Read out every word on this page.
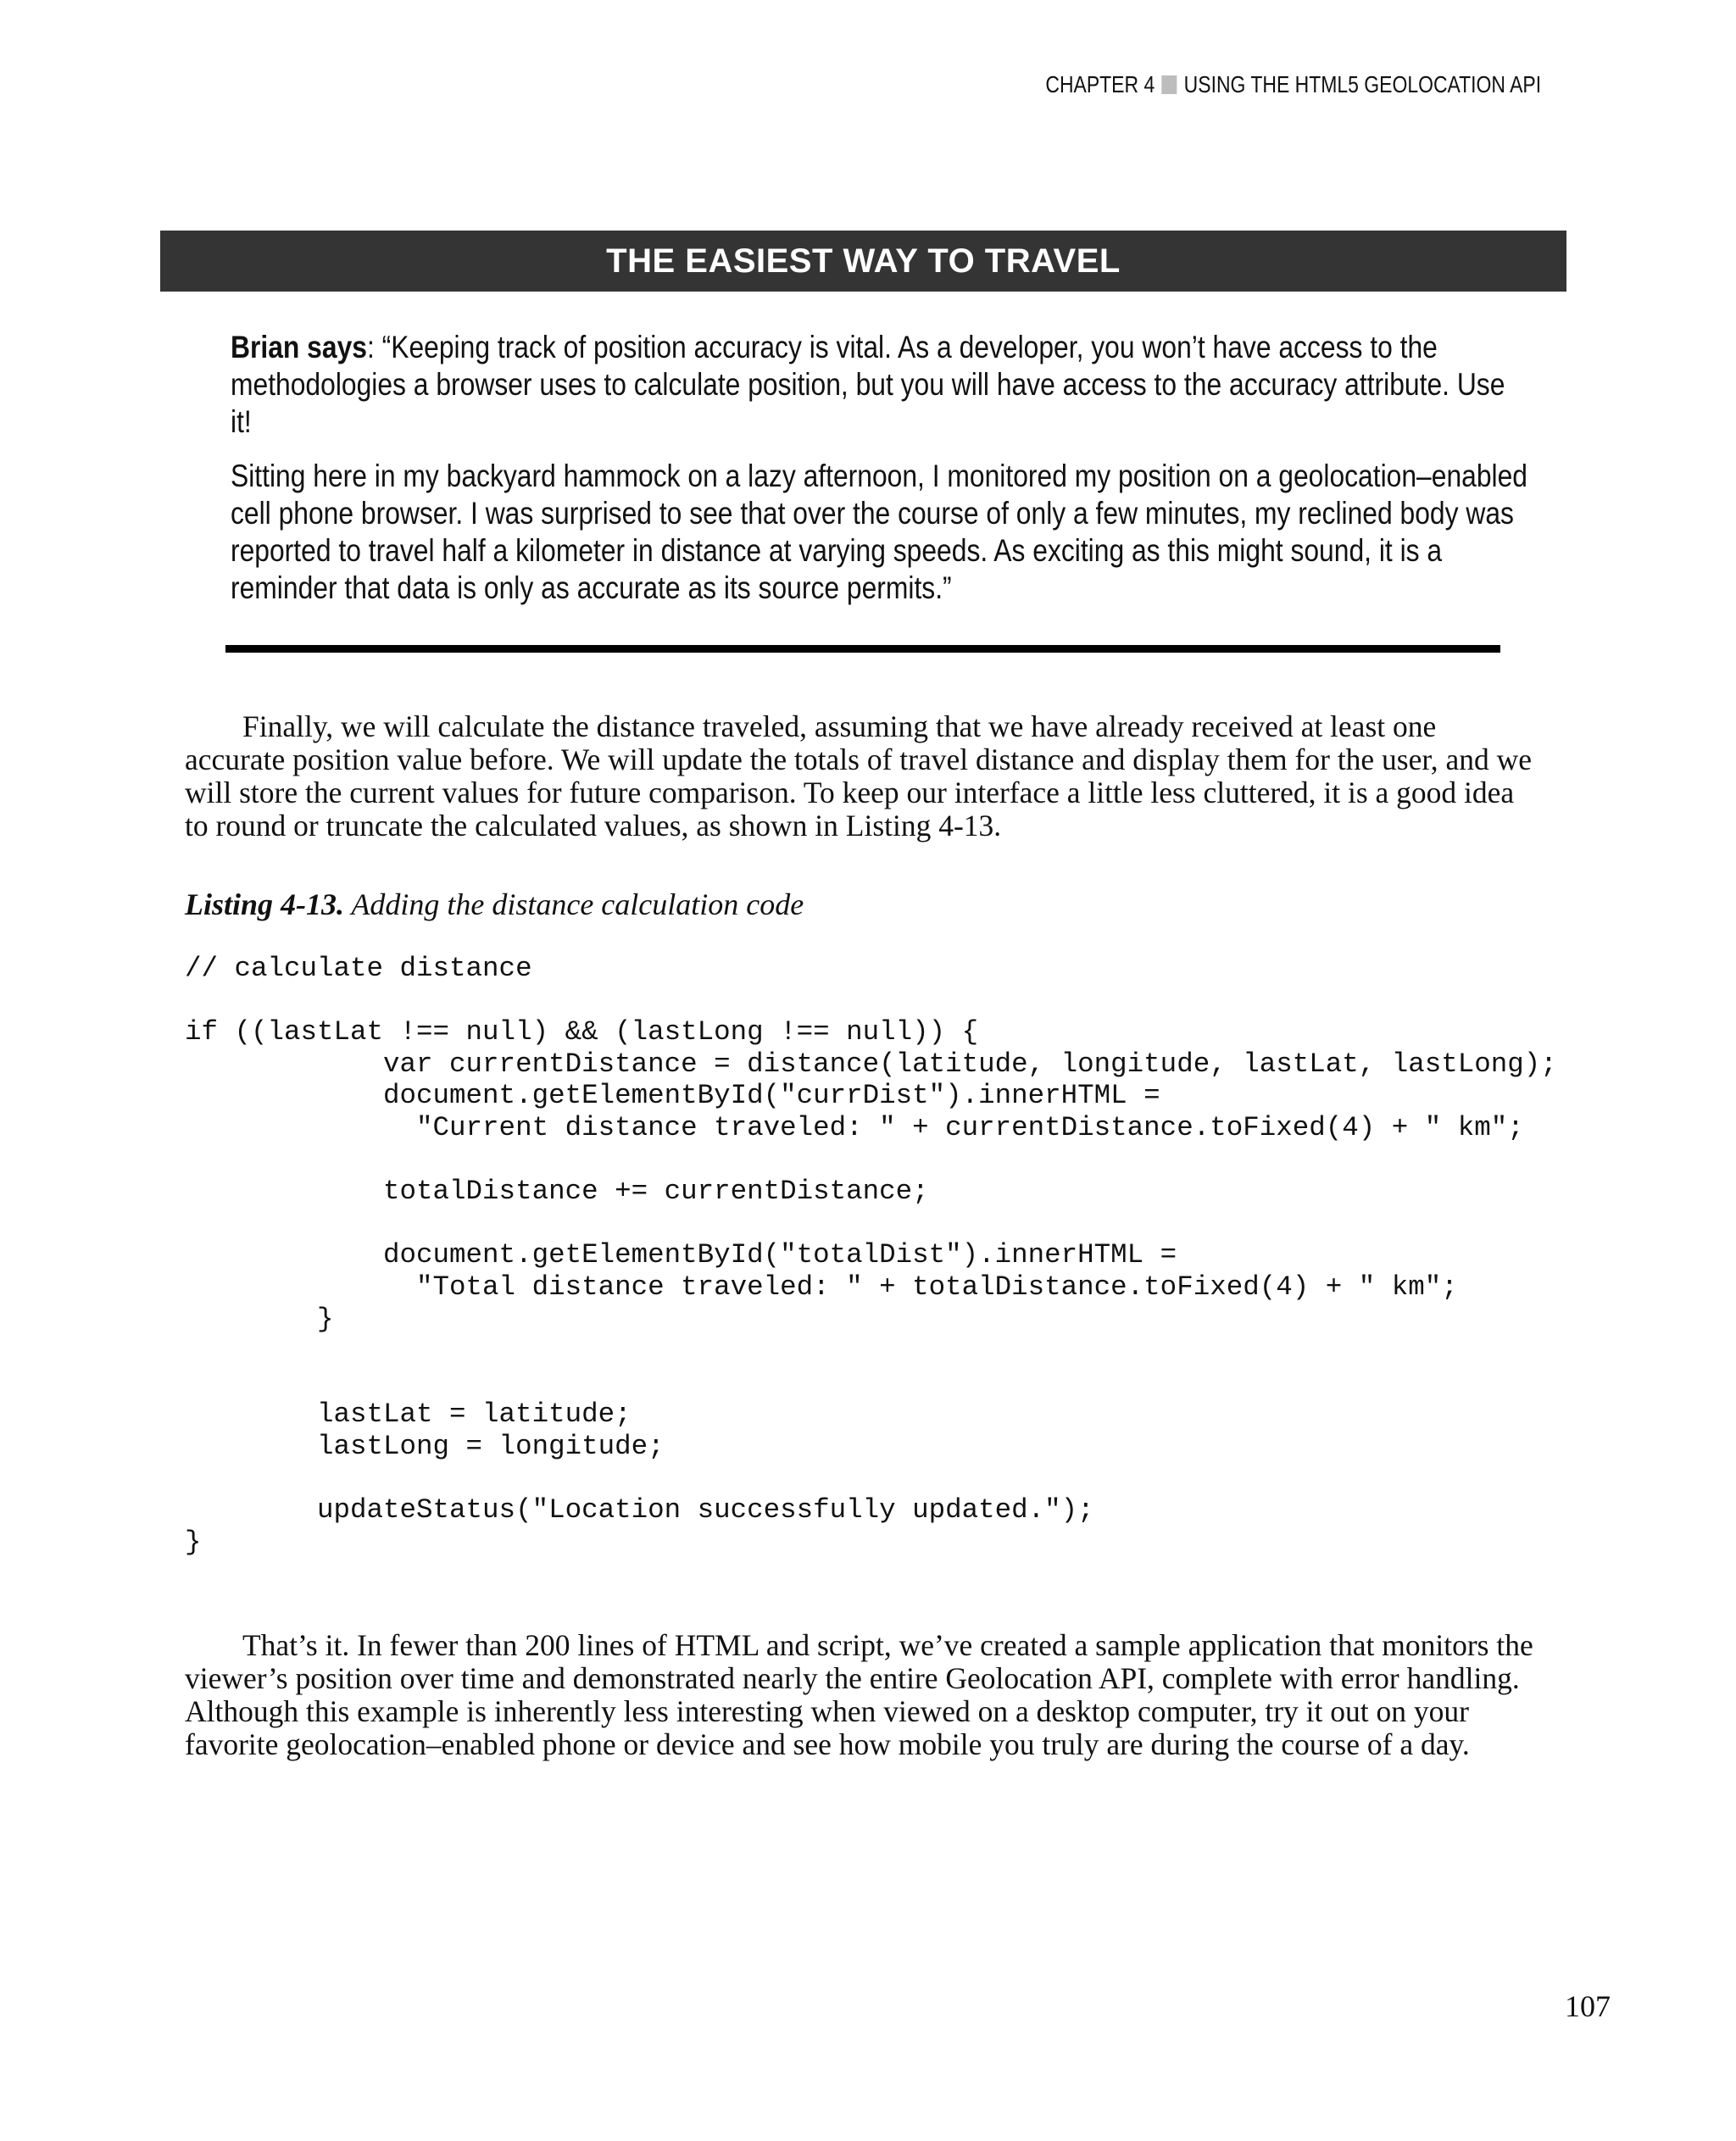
CHAPTER 4 USING THE HTML5 GEOLOCATION API
THE EASIEST WAY TO TRAVEL

Brian says: “Keeping track of position accuracy is vital. As a developer, you won’t have access to the methodologies a browser uses to calculate position, but you will have access to the accuracy attribute. Use it!

Sitting here in my backyard hammock on a lazy afternoon, I monitored my position on a geolocation–enabled cell phone browser. I was surprised to see that over the course of only a few minutes, my reclined body was reported to travel half a kilometer in distance at varying speeds. As exciting as this might sound, it is a reminder that data is only as accurate as its source permits.”

Finally, we will calculate the distance traveled, assuming that we have already received at least one accurate position value before. We will update the totals of travel distance and display them for the user, and we will store the current values for future comparison. To keep our interface a little less cluttered, it is a good idea to round or truncate the calculated values, as shown in Listing 4-13.

Listing 4-13. Adding the distance calculation code
// calculate distance

if ((lastLat !== null) && (lastLong !== null)) {
var currentDistance = distance(latitude, longitude, lastLat, lastLong);
document.getElementById("currDist").innerHTML =
"Current distance traveled: " + currentDistance.toFixed(4) + " km";

totalDistance += currentDistance;

document.getElementById("totalDist").innerHTML =
"Total distance traveled: " + totalDistance.toFixed(4) + " km";
}

lastLat = latitude;
lastLong = longitude;

updateStatus("Location successfully updated.");
}

That’s it. In fewer than 200 lines of HTML and script, we’ve created a sample application that monitors the viewer’s position over time and demonstrated nearly the entire Geolocation API, complete with error handling. Although this example is inherently less interesting when viewed on a desktop computer, try it out on your favorite geolocation–enabled phone or device and see how mobile you truly are during the course of a day.

107
